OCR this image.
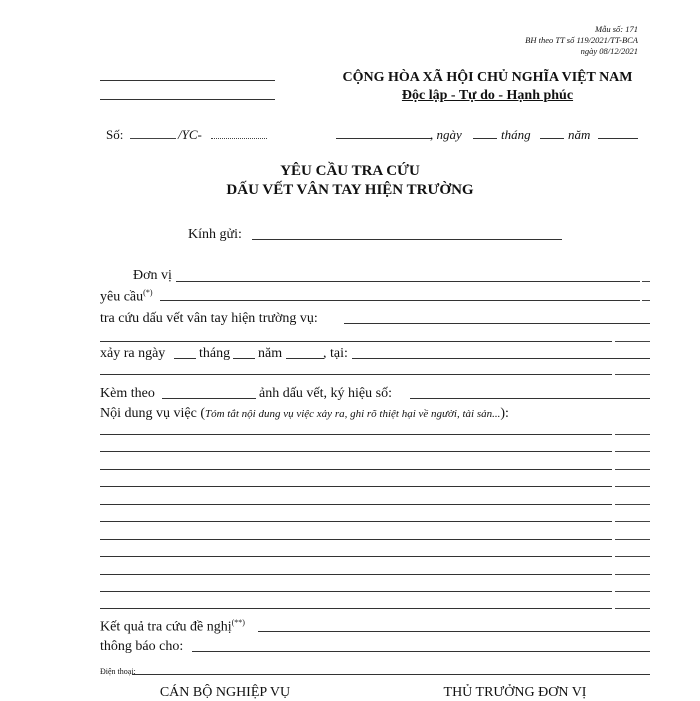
Mẫu số: 171
BH theo TT số 119/2021/TT-BCA
ngày 08/12/2021
CỘNG HÒA XÃ HỘI CHỦ NGHĨA VIỆT NAM
Độc lập - Tự do - Hạnh phúc
Số:	/YC-	, ngày	tháng	năm
YÊU CẦU TRA CỨU
DẤU VẾT VÂN TAY HIỆN TRƯỜNG
Kính gửi:
Đơn vị
yêu cầu(*)
tra cứu dấu vết vân tay hiện trường vụ:
xảy ra ngày tháng năm	, tại:
Kèm theo	ảnh dấu vết, ký hiệu số:
Nội dung vụ việc (Tóm tắt nội dung vụ việc xảy ra, ghi rõ thiệt hại về người, tài sản...):
Kết quả tra cứu đề nghị(**)
thông báo cho:
Điện thoại:
CÁN BỘ NGHIỆP VỤ	THỦ TRƯỞNG ĐƠN VỊ
